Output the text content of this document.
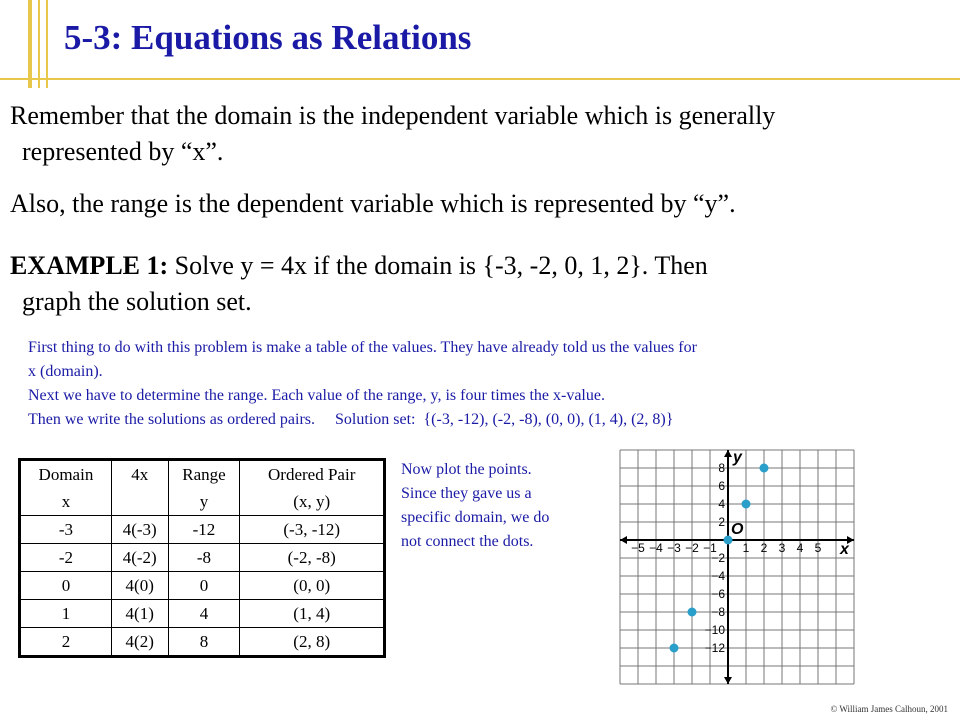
5-3: Equations as Relations
Remember that the domain is the independent variable which is generally
represented by “x”.
Also, the range is the dependent variable which is represented by “y”.
EXAMPLE 1: Solve y = 4x if the domain is {-3, -2, 0, 1, 2}. Then
graph the solution set.
First thing to do with this problem is make a table of the values. They have already told us the values for
x (domain).
Next we have to determine the range. Each value of the range, y, is four times the x-value.
Then we write the solutions as ordered pairs.     Solution set:  {(-3, -12), (-2, -8), (0, 0), (1, 4), (2, 8)}
Domain	4x	Range	Ordered Pair
x		y	(x, y)
-3	4(-3)	-12	(-3, -12)
-2	4(-2)	-8	(-2, -8)
0	4(0)	0	(0, 0)
1	4(1)	4	(1, 4)
2	4(2)	8	(2, 8)
Now plot the points.
Since they gave us a
specific domain, we do
not connect the dots.	−5 −4 −3 −2 −1 1 2 3 4 5
8
6
4
2
−2
−4
−6
−8
−10
−12
x
y
O
© William James Calhoun, 2001
